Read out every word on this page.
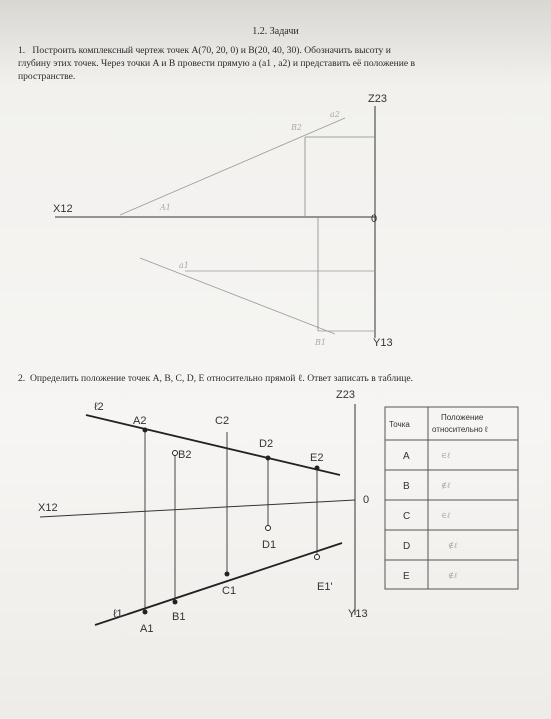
1.2. Задачи
1. Построить комплексный чертеж точек A(70, 20, 0) и B(20, 40, 30). Обозначить высоту и
глубину этих точек. Через точки A и B провести прямую a (a1 , a2) и представить её положение в
пространстве.
2. Определить положение точек A, B, C, D, E относительно прямой ℓ. Ответ записать в таблице.
Z23
X12
0
Y13
B2
a2
A1
a1
B1
Z23
X12
0
Y13
ℓ2
ℓ1
A2
B2
C2
D2
E2
A1
B1
C1
D1
E1'
Точка
Положение
относительно ℓ
A
B
C
D
E
∈ℓ
∉ℓ
∈ℓ
∉ℓ
∉ℓ
